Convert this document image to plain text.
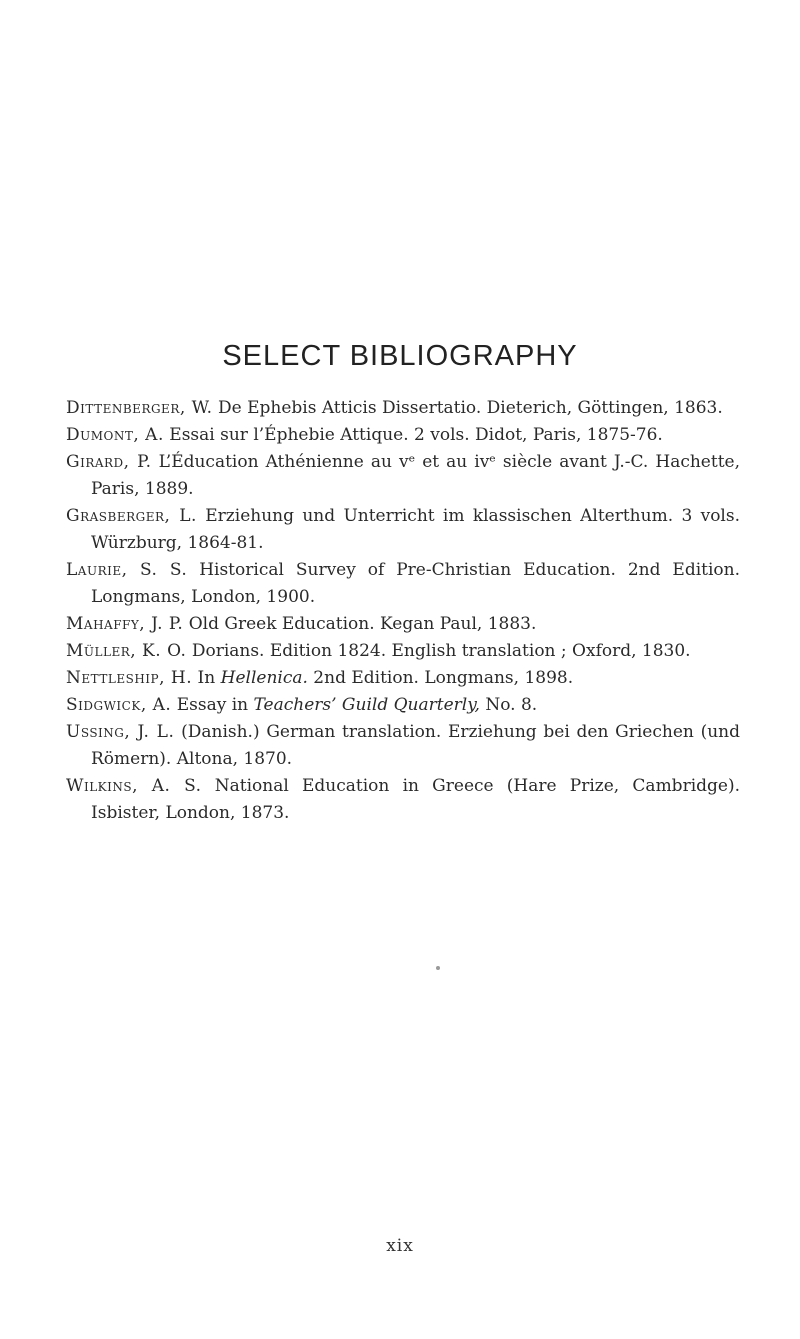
SELECT BIBLIOGRAPHY
Dittenberger, W. De Ephebis Atticis Dissertatio. Dieterich, Göttingen, 1863.
Dumont, A. Essai sur l’Éphebie Attique. 2 vols. Didot, Paris, 1875-76.
Girard, P. L’Éducation Athénienne au vᵉ et au ivᵉ siècle avant J.-C. Hachette, Paris, 1889.
Grasberger, L. Erziehung und Unterricht im klassischen Alterthum. 3 vols. Würzburg, 1864-81.
Laurie, S. S. Historical Survey of Pre-Christian Education. 2nd Edition. Longmans, London, 1900.
Mahaffy, J. P. Old Greek Education. Kegan Paul, 1883.
Müller, K. O. Dorians. Edition 1824. English translation ; Oxford, 1830.
Nettleship, H. In Hellenica. 2nd Edition. Longmans, 1898.
Sidgwick, A. Essay in Teachers’ Guild Quarterly, No. 8.
Ussing, J. L. (Danish.) German translation. Erziehung bei den Griechen (und Römern). Altona, 1870.
Wilkins, A. S. National Education in Greece (Hare Prize, Cambridge). Isbister, London, 1873.
xix
